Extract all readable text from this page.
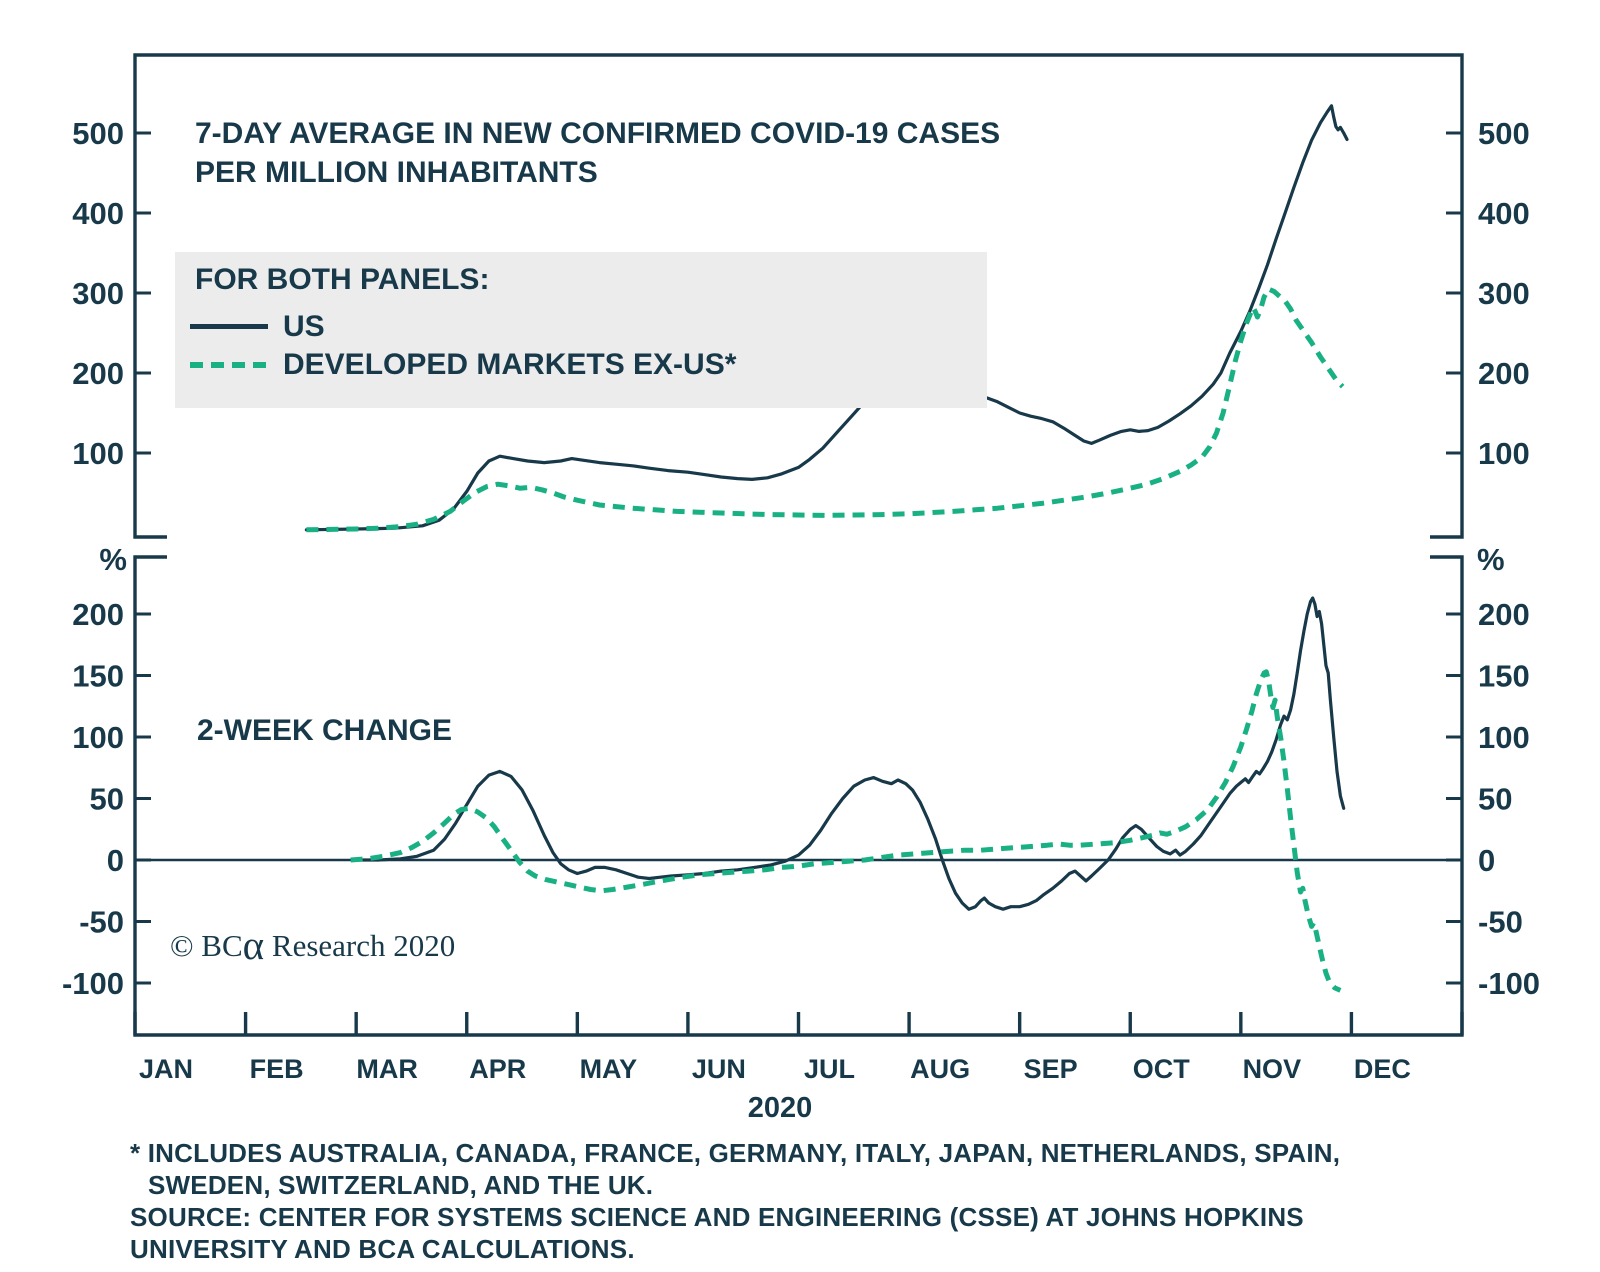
500	500
400	400
300	300
200	200
100	100
200	200
150	150
100	100
50	50
0	0
-50	-50
-100	-100
%	%
JAN FEB MAR APR MAY JUN JUL AUG SEP OCT NOV DEC
7-DAY AVERAGE IN NEW CONFIRMED COVID-19 CASES
PER MILLION INHABITANTS
FOR BOTH PANELS:
US
DEVELOPED MARKETS EX-US*
2-WEEK CHANGE
© BCα Research 2020
2020
* INCLUDES AUSTRALIA, CANADA, FRANCE, GERMANY, ITALY, JAPAN, NETHERLANDS, SPAIN,
SWEDEN, SWITZERLAND, AND THE UK.
SOURCE: CENTER FOR SYSTEMS SCIENCE AND ENGINEERING (CSSE) AT JOHNS HOPKINS
UNIVERSITY AND BCA CALCULATIONS.
